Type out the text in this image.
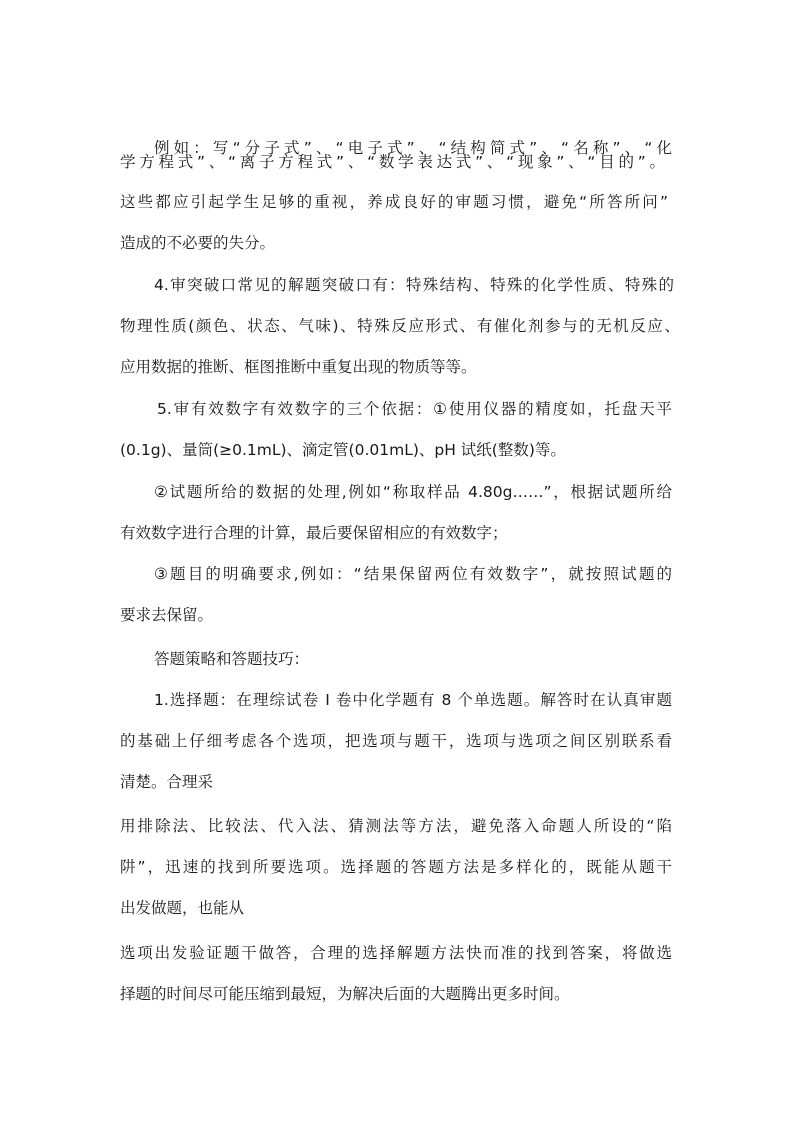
例如：写“分子式”、“电子式”、“结构简式”、“名称”、“化
学方程式”、“离子方程式”、“数学表达式”、“现象”、“目的”。
这些都应引起学生足够的重视，养成良好的审题习惯，避免“所答所问”
造成的不必要的失分。
4.审突破口常见的解题突破口有：特殊结构、特殊的化学性质、特殊的
物理性质(颜色、状态、气味)、特殊反应形式、有催化剂参与的无机反应、
应用数据的推断、框图推断中重复出现的物质等等。
5.审有效数字有效数字的三个依据：①使用仪器的精度如，托盘天平
(0.1g)、量筒(≥0.1mL)、滴定管(0.01mL)、pH 试纸(整数)等。
②试题所给的数据的处理,例如“称取样品 4.80g……”，根据试题所给
有效数字进行合理的计算，最后要保留相应的有效数字；
③题目的明确要求,例如：“结果保留两位有效数字”，就按照试题的
要求去保留。
答题策略和答题技巧：
1.选择题：在理综试卷 I 卷中化学题有 8 个单选题。解答时在认真审题
的基础上仔细考虑各个选项，把选项与题干，选项与选项之间区别联系看
清楚。合理采
用排除法、比较法、代入法、猜测法等方法，避免落入命题人所设的“陷
阱”，迅速的找到所要选项。选择题的答题方法是多样化的，既能从题干
出发做题，也能从
选项出发验证题干做答，合理的选择解题方法快而准的找到答案，将做选
择题的时间尽可能压缩到最短，为解决后面的大题腾出更多时间。
